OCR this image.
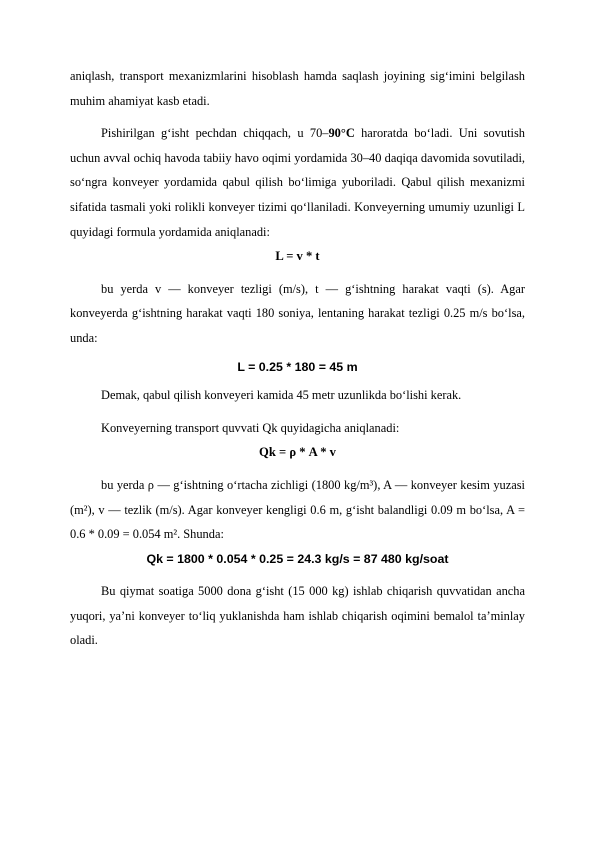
aniqlash, transport mexanizmlarini hisoblash hamda saqlash joyining sig‘imini belgilash muhim ahamiyat kasb etadi.

Pishirilgan g‘isht pechdan chiqqach, u 70–90°C haroratda bo‘ladi. Uni sovutish uchun avval ochiq havoda tabiiy havo oqimi yordamida 30–40 daqiqa davomida sovutiladi, so‘ngra konveyer yordamida qabul qilish bo‘limiga yuboriladi. Qabul qilish mexanizmi sifatida tasmali yoki rolikli konveyer tizimi qo‘llaniladi. Konveyerning umumiy uzunligi L quyidagi formula yordamida aniqlanadi:

L = v * t

bu yerda v — konveyer tezligi (m/s), t — g‘ishtning harakat vaqti (s). Agar konveyerda g‘ishtning harakat vaqti 180 soniya, lentaning harakat tezligi 0.25 m/s bo‘lsa, unda:

L = 0.25 * 180 = 45 m

Demak, qabul qilish konveyeri kamida 45 metr uzunlikda bo‘lishi kerak.

Konveyerning transport quvvati Qk quyidagicha aniqlanadi:

Qk = ρ * A * v

bu yerda ρ — g‘ishtning o‘rtacha zichligi (1800 kg/m³), A — konveyer kesim yuzasi (m²), v — tezlik (m/s). Agar konveyer kengligi 0.6 m, g‘isht balandligi 0.09 m bo‘lsa, A = 0.6 * 0.09 = 0.054 m². Shunda:

Qk = 1800 * 0.054 * 0.25 = 24.3 kg/s = 87 480 kg/soat

Bu qiymat soatiga 5000 dona g‘isht (15 000 kg) ishlab chiqarish quvvatidan ancha yuqori, ya’ni konveyer to‘liq yuklanishda ham ishlab chiqarish oqimini bemalol ta’minlay oladi.
